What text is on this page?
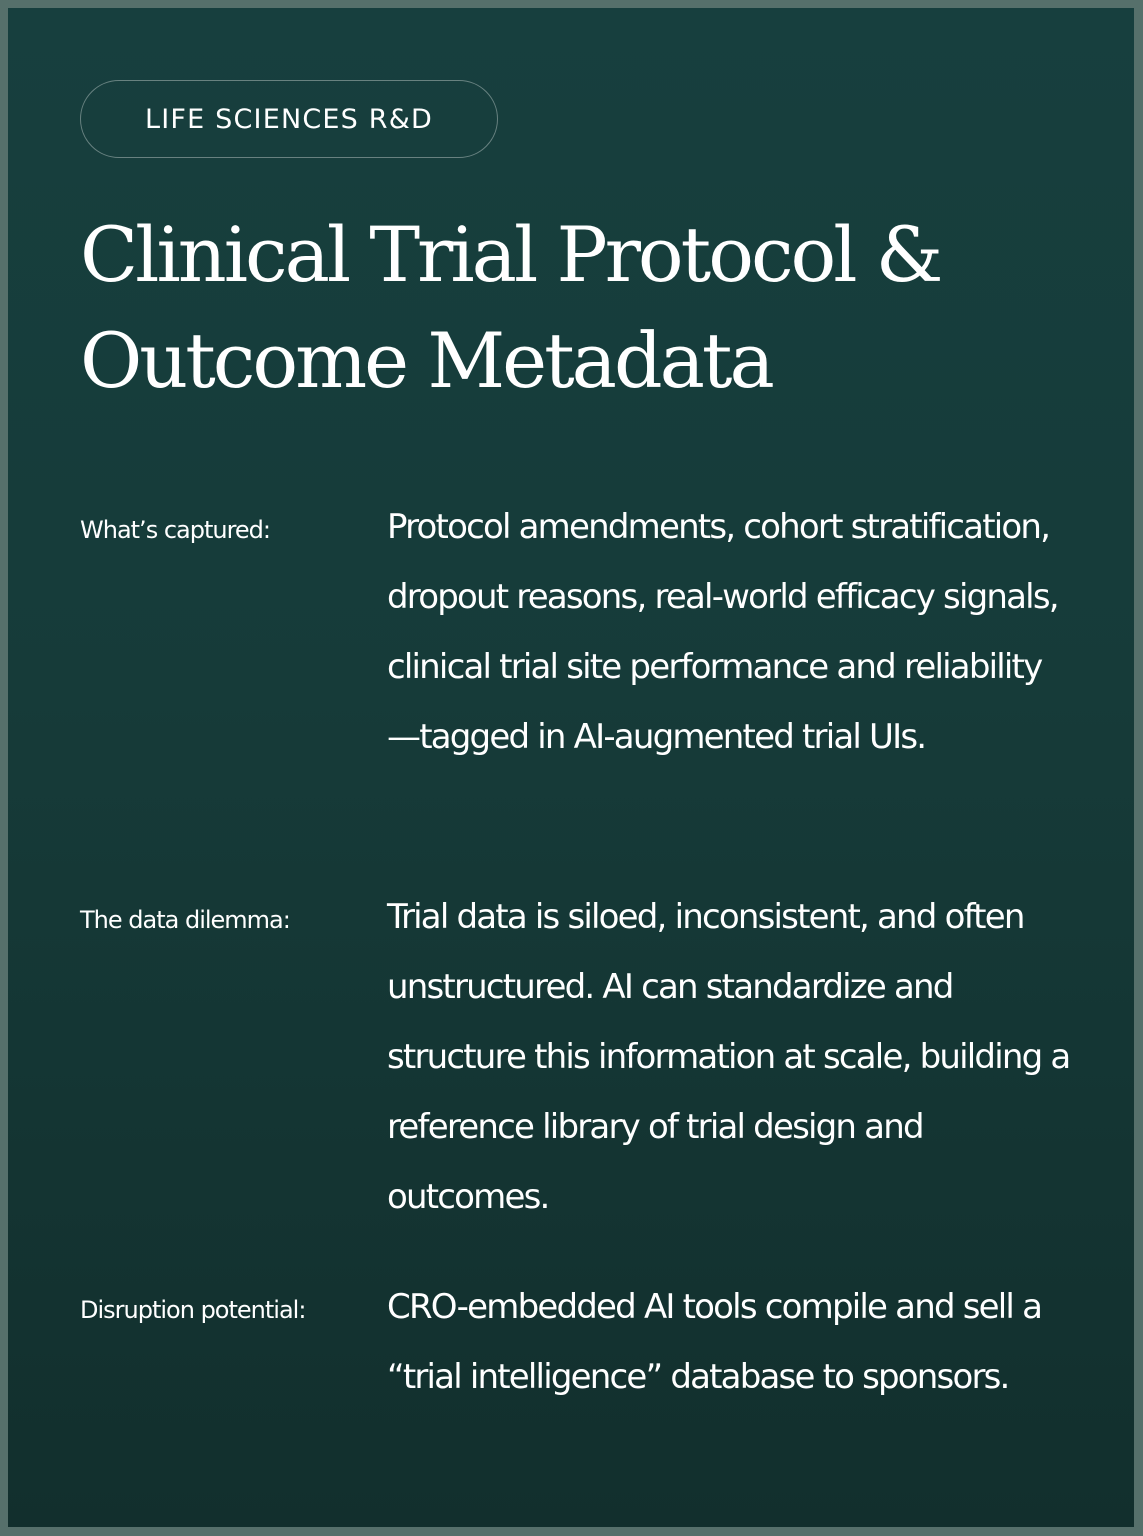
LIFE SCIENCES R&D
Clinical Trial Protocol & Outcome Metadata
What’s captured:	Protocol amendments, cohort stratification, dropout reasons, real-world efficacy signals, clinical trial site performance and reliability —tagged in AI-augmented trial UIs.

The data dilemma:	Trial data is siloed, inconsistent, and often unstructured. AI can standardize and structure this information at scale, building a reference library of trial design and outcomes.

Disruption potential: CRO-embedded AI tools compile and sell a “trial intelligence” database to sponsors.
